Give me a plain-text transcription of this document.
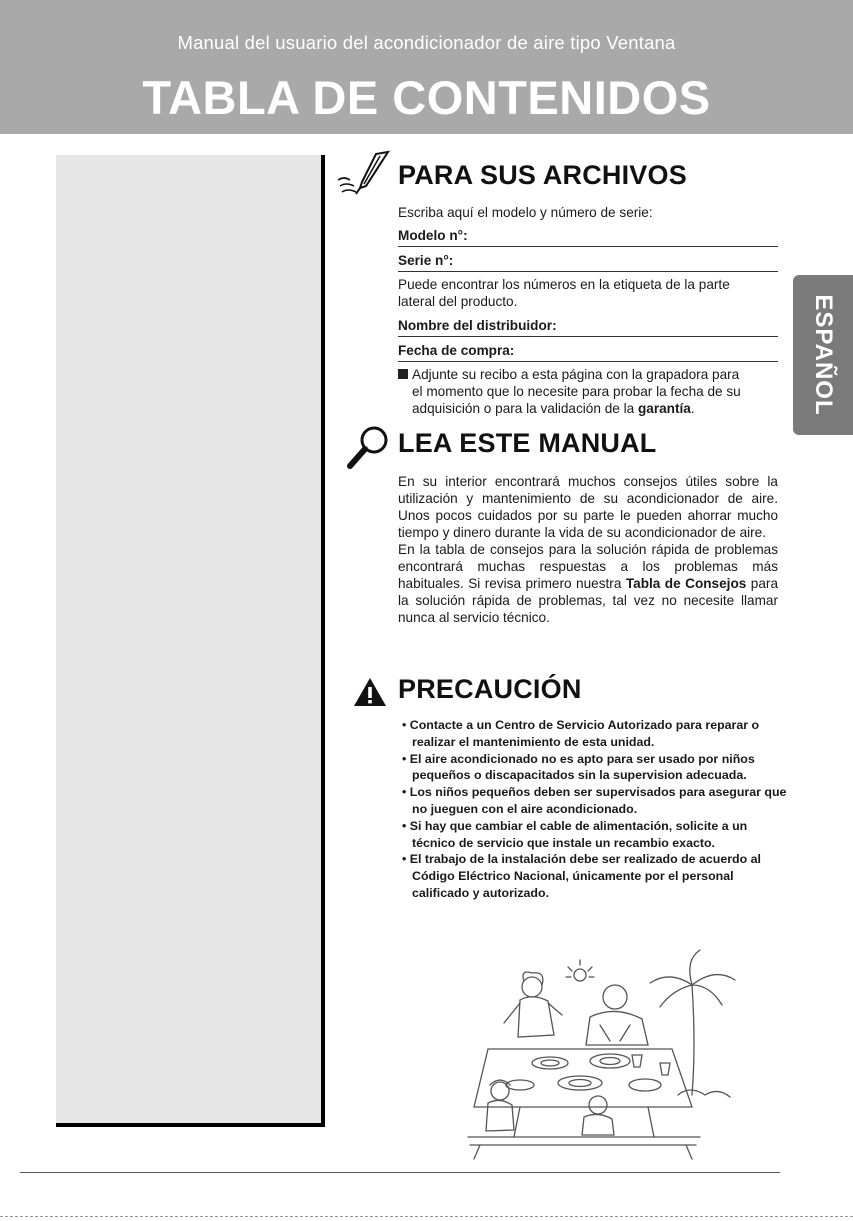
Manual del usuario del acondicionador de aire tipo Ventana
TABLA DE CONTENIDOS
ESPAÑOL
PARA SUS ARCHIVOS

Escriba aquí el modelo y número de serie:

Modelo n°:

Serie n°:

Puede encontrar los números en la etiqueta de la parte

lateral del producto.

Nombre del distribuidor:

Fecha de compra:

Adjunte su recibo a esta página con la grapadora para

el momento que lo necesite para probar la fecha de su

adquisición o para la validación de la garantía.

LEA ESTE MANUAL

En su interior encontrará muchos consejos útiles sobre la utilización y mantenimiento de su acondicionador de aire. Unos pocos cuidados por su parte le pueden ahorrar mucho tiempo y dinero durante la vida de su acondicionador de aire.

En la tabla de consejos para la solución rápida de problemas encontrará muchas respuestas a los problemas más habituales. Si revisa primero nuestra Tabla de Consejos para la solución rápida de problemas, tal vez no necesite llamar nunca al servicio técnico.

PRECAUCIÓN

• Contacte a un Centro de Servicio Autorizado para reparar o realizar el mantenimiento de esta unidad.

• El aire acondicionado no es apto para ser usado por niños pequeños o discapacitados sin la supervision adecuada.

• Los niños pequeños deben ser supervisados para asegurar que no jueguen con el aire acondicionado.

• Si hay que cambiar el cable de alimentación, solicite a un técnico de servicio que instale un recambio exacto.

• El trabajo de la instalación debe ser realizado de acuerdo al Código Eléctrico Nacional, únicamente por el personal calificado y autorizado.
